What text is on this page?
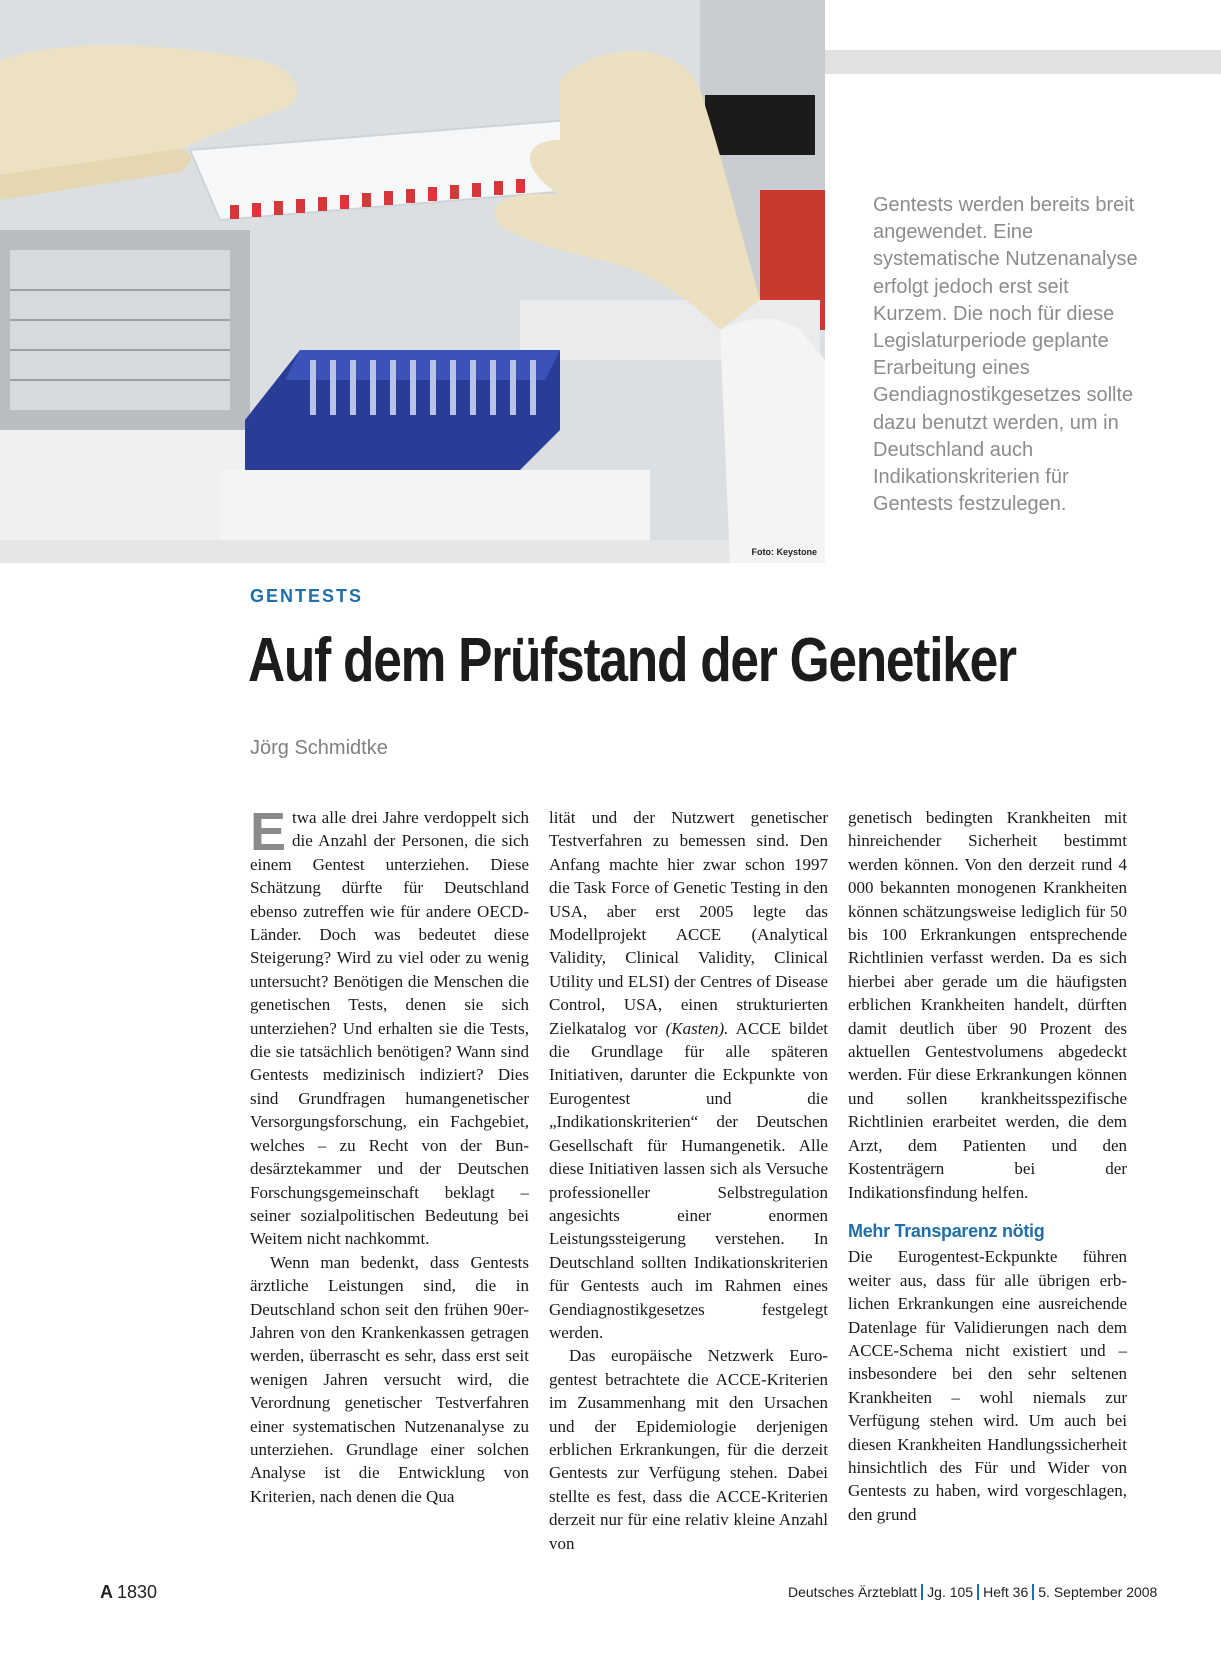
Foto: Keystone

Gentests werden bereits breit angewendet. Eine systematische Nutzenanalyse erfolgt jedoch erst seit Kurzem. Die noch für diese Legislaturperiode geplante Erarbeitung eines Gendiagnostikgesetzes sollte dazu benutzt werden, um in Deutschland auch Indikationskriterien für Gentests festzulegen.

GENTESTS
Auf dem Prüfstand der Genetiker

Jörg Schmidtke

Etwa alle drei Jahre verdoppelt sich die Anzahl der Personen, die sich einem Gentest unterziehen. Diese Schätzung dürfte für Deutschland ebenso zutreffen wie für andere OECD-Länder. Doch was bedeutet diese Steigerung? Wird zu viel oder zu wenig untersucht? Benötigen die Menschen die genetischen Tests, denen sie sich unterziehen? Und erhalten sie die Tests, die sie tatsächlich benötigen? Wann sind Gentests medizinisch indiziert? Dies sind Grundfragen humangenetischer Versorgungsforschung, ein Fachgebiet, welches – zu Recht von der Bundesärztekammer und der Deutschen Forschungsgemeinschaft beklagt – seiner sozialpolitischen Bedeutung bei Weitem nicht nachkommt.

Wenn man bedenkt, dass Gentests ärztliche Leistungen sind, die in Deutschland schon seit den frühen 90er-Jahren von den Krankenkassen getragen werden, überrascht es sehr, dass erst seit wenigen Jahren versucht wird, die Verordnung genetischer Testverfahren einer systematischen Nutzenanalyse zu unterziehen. Grundlage einer solchen Analyse ist die Entwicklung von Kriterien, nach denen die Qua

lität und der Nutzwert genetischer Testverfahren zu bemessen sind. Den Anfang machte hier zwar schon 1997 die Task Force of Genetic Testing in den USA, aber erst 2005 legte das Modellprojekt ACCE (Analytical Validity, Clinical Validity, Clinical Utility und ELSI) der Centres of Disease Control, USA, einen strukturierten Zielkatalog vor (Kasten). ACCE bildet die Grundlage für alle späteren Initiativen, darunter die Eckpunkte von Eurogentest und die „Indikationskriterien“ der Deutschen Gesellschaft für Humangenetik. Alle diese Initiativen lassen sich als Versuche professioneller Selbstregulation angesichts einer enormen Leistungssteigerung verstehen. In Deutschland sollten Indikationskriterien für Gentests auch im Rahmen eines Gendiagnostikgesetzes festgelegt werden.

Das europäische Netzwerk Eurogentest betrachtete die ACCE-Kriterien im Zusammenhang mit den Ursachen und der Epidemiologie derjenigen erblichen Erkrankungen, für die derzeit Gentests zur Verfügung stehen. Dabei stellte es fest, dass die ACCE-Kriterien derzeit nur für eine relativ kleine Anzahl von

genetisch bedingten Krankheiten mit hinreichender Sicherheit bestimmt werden können. Von den derzeit rund 4 000 bekannten monogenen Krankheiten können schätzungsweise lediglich für 50 bis 100 Erkrankungen entsprechende Richtlinien verfasst werden. Da es sich hierbei aber gerade um die häufigsten erblichen Krankheiten handelt, dürften damit deutlich über 90 Prozent des aktuellen Gentestvolumens abgedeckt werden. Für diese Erkrankungen können und sollen krankheitsspezifische Richtlinien erarbeitet werden, die dem Arzt, dem Patienten und den Kostenträgern bei der Indikationsfindung helfen.

Mehr Transparenz nötig

Die Eurogentest-Eckpunkte führen weiter aus, dass für alle übrigen erblichen Erkrankungen eine ausreichende Datenlage für Validierungen nach dem ACCE-Schema nicht existiert und – insbesondere bei den sehr seltenen Krankheiten – wohl niemals zur Verfügung stehen wird. Um auch bei diesen Krankheiten Handlungssicherheit hinsichtlich des Für und Wider von Gentests zu haben, wird vorgeschlagen, den grund

A 1830	Deutsches Ärzteblatt Jg. 105 Heft 36 5. September 2008
